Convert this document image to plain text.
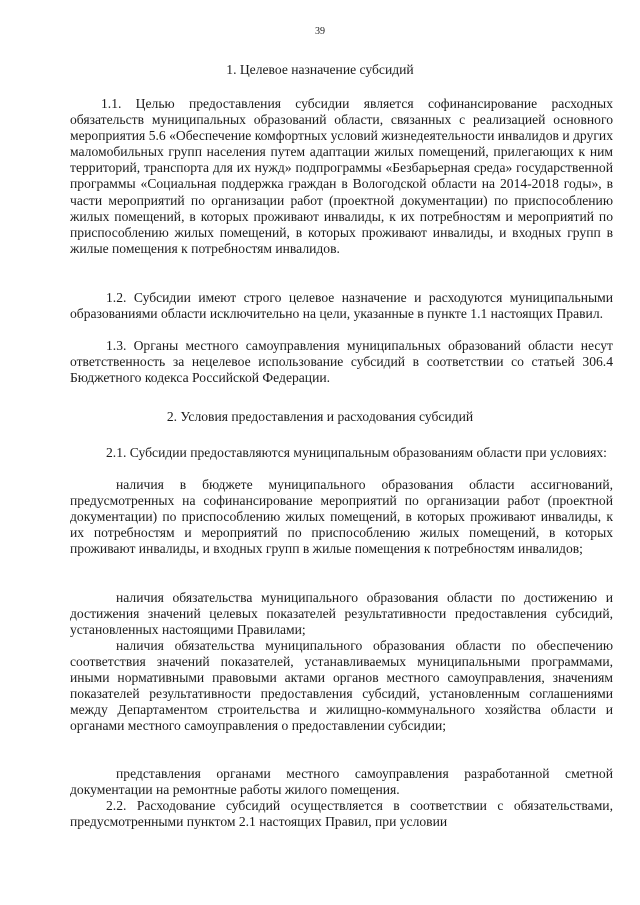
39
1. Целевое назначение субсидий

1.1. Целью предоставления субсидии является софинансирование расходных обязательств муниципальных образований области, связанных с реализацией основного мероприятия 5.6 «Обеспечение комфортных условий жизнедеятельности инвалидов и других маломобильных групп населения путем адаптации жилых помещений, прилегающих к ним территорий, транспорта для их нужд» подпрограммы «Безбарьерная среда» государственной программы «Социальная поддержка граждан в Вологодской области на 2014-2018 годы», в части мероприятий по организации работ (проектной документации) по приспособлению жилых помещений, в которых проживают инвалиды, к их потребностям и мероприятий по приспособлению жилых помещений, в которых проживают инвалиды, и входных групп в жилые помещения к потребностям инвалидов.

1.2. Субсидии имеют строго целевое назначение и расходуются муниципальными образованиями области исключительно на цели, указанные в пункте 1.1 настоящих Правил.

1.3. Органы местного самоуправления муниципальных образований области несут ответственность за нецелевое использование субсидий в соответствии со статьей 306.4 Бюджетного кодекса Российской Федерации.

2. Условия предоставления и расходования субсидий

2.1. Субсидии предоставляются муниципальным образованиям области при условиях:

наличия в бюджете муниципального образования области ассигнований, предусмотренных на софинансирование мероприятий по организации работ (проектной документации) по приспособлению жилых помещений, в которых проживают инвалиды, к их потребностям и мероприятий по приспособлению жилых помещений, в которых проживают инвалиды, и входных групп в жилые помещения к потребностям инвалидов;

наличия обязательства муниципального образования области по достижению и достижения значений целевых показателей результативности предоставления субсидий, установленных настоящими Правилами;

наличия обязательства муниципального образования области по обеспечению соответствия значений показателей, устанавливаемых муниципальными программами, иными нормативными правовыми актами органов местного самоуправления, значениям показателей результативности предоставления субсидий, установленным соглашениями между Департаментом строительства и жилищно-коммунального хозяйства области и органами местного самоуправления о предоставлении субсидии;

представления органами местного самоуправления разработанной сметной документации на ремонтные работы жилого помещения.

2.2. Расходование субсидий осуществляется в соответствии с обязательствами, предусмотренными пунктом 2.1 настоящих Правил, при условии
